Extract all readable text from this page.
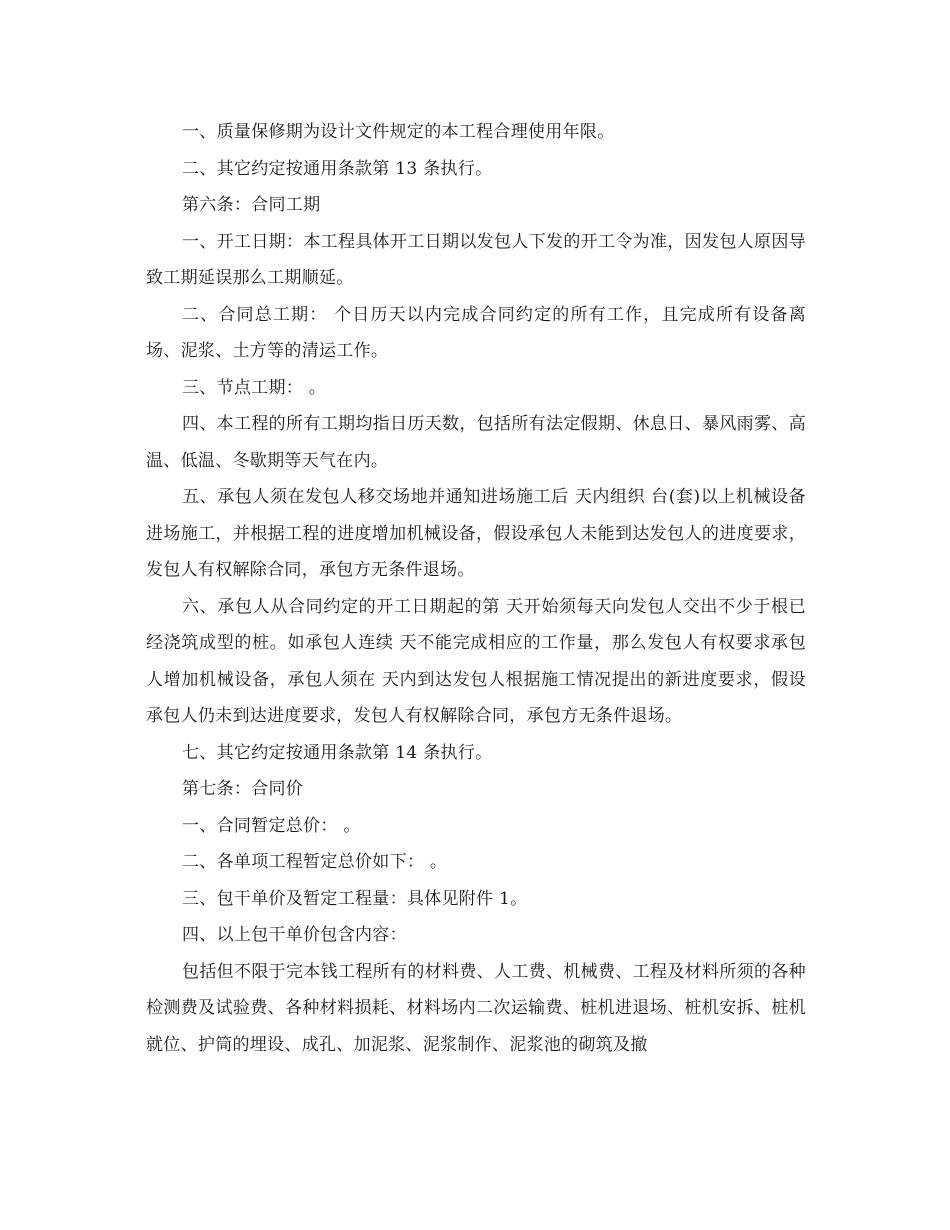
一、质量保修期为设计文件规定的本工程合理使用年限。

二、其它约定按通用条款第 13 条执行。

第六条：合同工期

一、开工日期：本工程具体开工日期以发包人下发的开工令为准，因发包人原因导致工期延误那么工期顺延。

二、合同总工期： 个日历天以内完成合同约定的所有工作，且完成所有设备离场、泥浆、土方等的清运工作。

三、节点工期： 。

四、本工程的所有工期均指日历天数，包括所有法定假期、休息日、暴风雨雾、高温、低温、冬歇期等天气在内。

五、承包人须在发包人移交场地并通知进场施工后 天内组织 台(套)以上机械设备进场施工，并根据工程的进度增加机械设备，假设承包人未能到达发包人的进度要求，发包人有权解除合同，承包方无条件退场。

六、承包人从合同约定的开工日期起的第 天开始须每天向发包人交出不少于根已经浇筑成型的桩。如承包人连续 天不能完成相应的工作量，那么发包人有权要求承包人增加机械设备，承包人须在 天内到达发包人根据施工情况提出的新进度要求，假设承包人仍未到达进度要求，发包人有权解除合同，承包方无条件退场。

七、其它约定按通用条款第 14 条执行。

第七条：合同价

一、合同暂定总价： 。

二、各单项工程暂定总价如下： 。

三、包干单价及暂定工程量：具体见附件 1。

四、以上包干单价包含内容：

包括但不限于完本钱工程所有的材料费、人工费、机械费、工程及材料所须的各种检测费及试验费、各种材料损耗、材料场内二次运输费、桩机进退场、桩机安拆、桩机就位、护筒的埋设、成孔、加泥浆、泥浆制作、泥浆池的砌筑及撤
